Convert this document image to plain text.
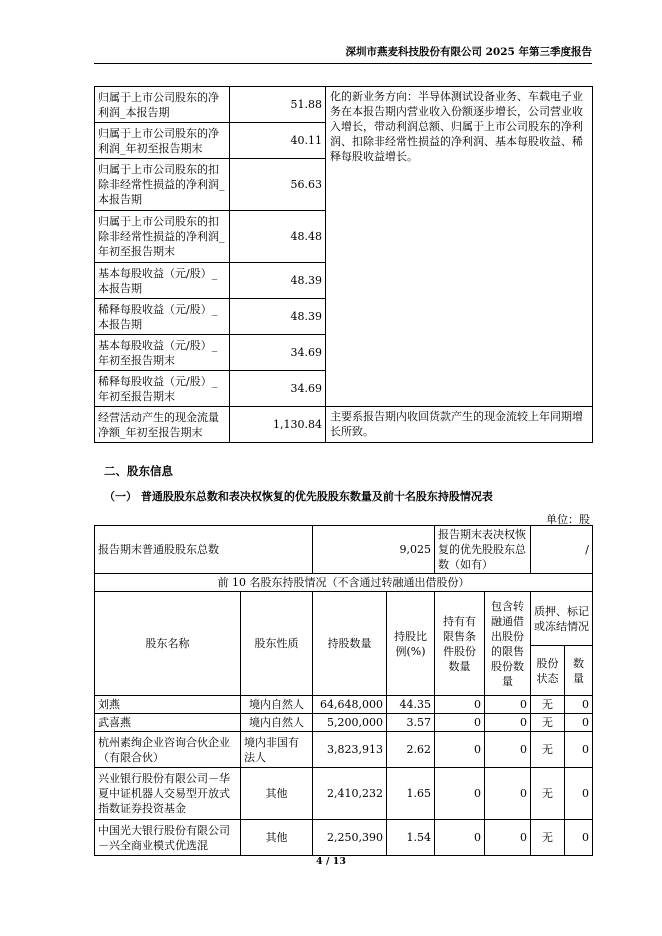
深圳市燕麦科技股份有限公司 2025 年第三季度报告
归属于上市公司股东的净利润_本报告期	51.88	化的新业务方向：半导体测试设备业务、车载电子业务在本报告期内营业收入份额逐步增长，公司营业收入增长，带动利润总额、归属于上市公司股东的净利润、扣除非经常性损益的净利润、基本每股收益、稀释每股收益增长。
归属于上市公司股东的净利润_年初至报告期末	40.11	
归属于上市公司股东的扣除非经常性损益的净利润_本报告期	56.63	
归属于上市公司股东的扣除非经常性损益的净利润_年初至报告期末	48.48	
基本每股收益（元/股）_本报告期	48.39	
稀释每股收益（元/股）_本报告期	48.39	
基本每股收益（元/股）_年初至报告期末	34.69	
稀释每股收益（元/股）_年初至报告期末	34.69	
经营活动产生的现金流量净额_年初至报告期末	1,130.84	主要系报告期内收回货款产生的现金流较上年同期增长所致。
二、股东信息
（一） 普通股股东总数和表决权恢复的优先股股东数量及前十名股东持股情况表
单位：股
报告期末普通股股东总数		9,025		报告期末表决权恢复的优先股股东总数（如有）		/	
前 10 名股东持股情况（不含通过转融通出借股份）							
股东名称	股东性质	持股数量	持股比例(%)	持有有限售条件股份数量	包含转融通借出股份的限售股份数量	质押、标记或冻结情况	
						股份状态	数量
刘燕	境内自然人	64,648,000	44.35	0	0	无	0
武喜燕	境内自然人	5,200,000	3.57	0	0	无	0
杭州素绚企业咨询合伙企业（有限合伙）	境内非国有法人	3,823,913	2.62	0	0	无	0
兴业银行股份有限公司－华夏中证机器人交易型开放式指数证券投资基金	其他	2,410,232	1.65	0	0	无	0
中国光大银行股份有限公司－兴全商业模式优选混	其他	2,250,390	1.54	0	0	无	0
4 / 13
